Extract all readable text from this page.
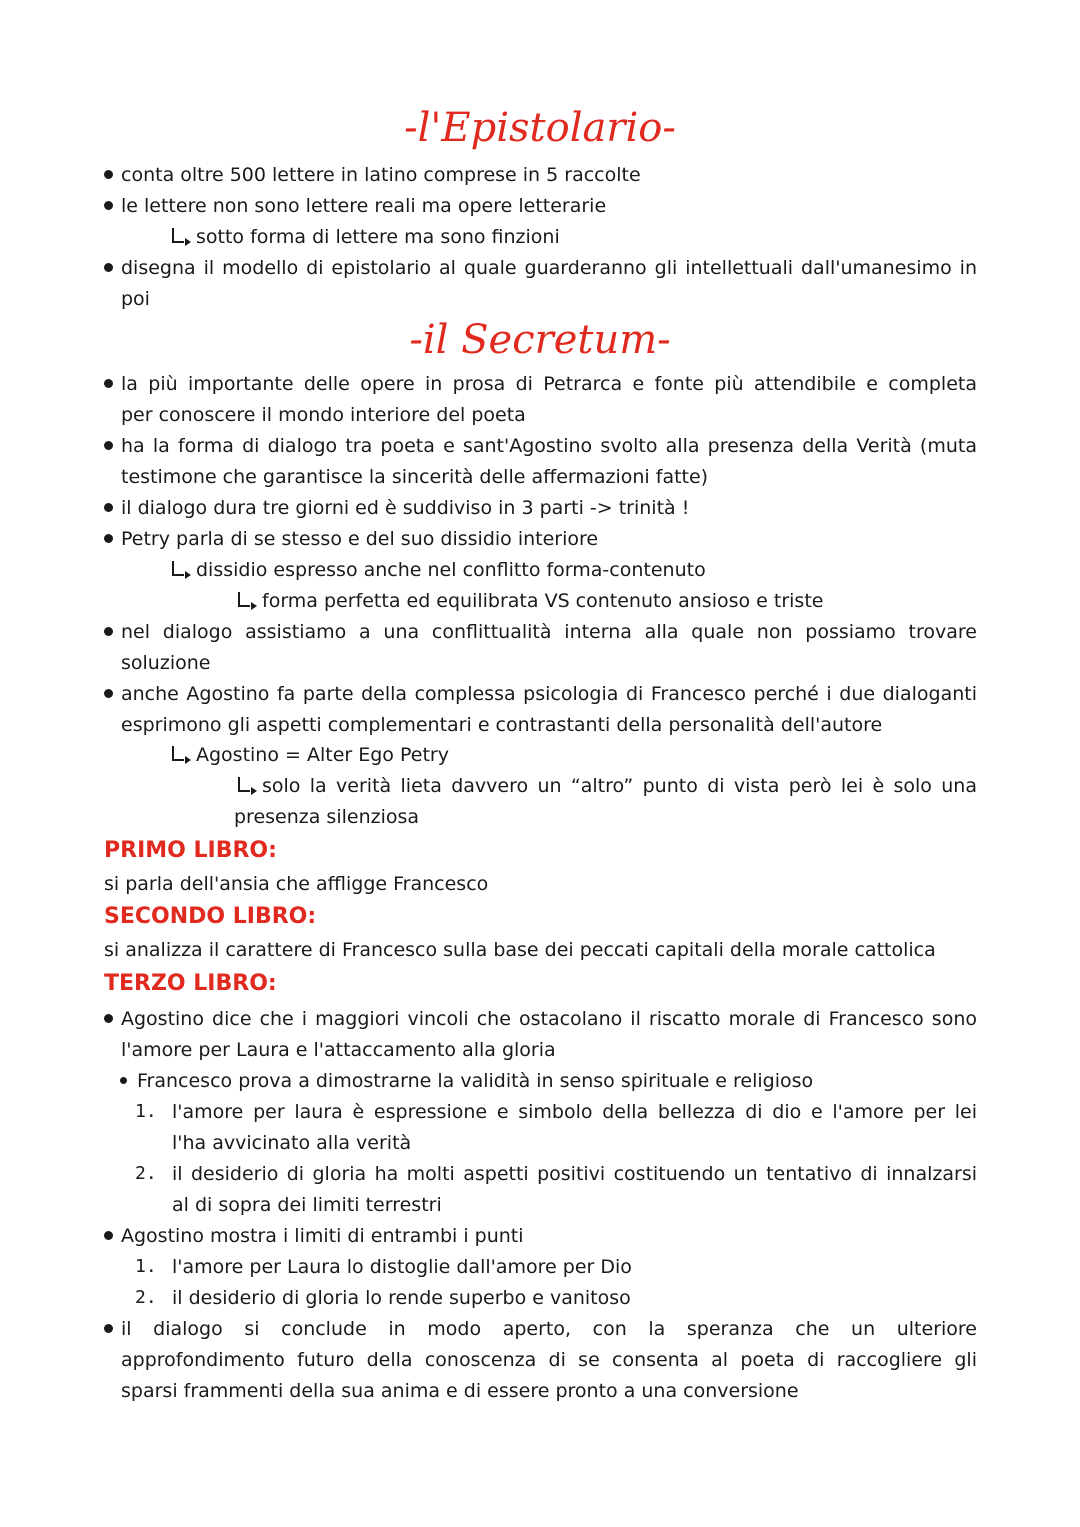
-l'Epistolario-
conta oltre 500 lettere in latino comprese in 5 raccolte
le lettere non sono lettere reali ma opere letterarie
sotto forma di lettere ma sono finzioni
disegna il modello di epistolario al quale guarderanno gli intellettuali dall'umanesimo in
poi
-il Secretum-
la più importante delle opere in prosa di Petrarca e fonte più attendibile e completa
per conoscere il mondo interiore del poeta
ha la forma di dialogo tra poeta e sant'Agostino svolto alla presenza della Verità (muta
testimone che garantisce la sincerità delle affermazioni fatte)
il dialogo dura tre giorni ed è suddiviso in 3 parti -> trinità !
Petry parla di se stesso e del suo dissidio interiore
dissidio espresso anche nel conflitto forma-contenuto
forma perfetta ed equilibrata VS contenuto ansioso e triste
nel dialogo assistiamo a una conflittualità interna alla quale non possiamo trovare
soluzione
anche Agostino fa parte della complessa psicologia di Francesco perché i due dialoganti
esprimono gli aspetti complementari e contrastanti della personalità dell'autore
Agostino = Alter Ego Petry
solo la verità lieta davvero un “altro” punto di vista però lei è solo una
presenza silenziosa
PRIMO LIBRO:
si parla dell'ansia che affligge Francesco
SECONDO LIBRO:
si analizza il carattere di Francesco sulla base dei peccati capitali della morale cattolica
TERZO LIBRO:
Agostino dice che i maggiori vincoli che ostacolano il riscatto morale di Francesco sono
l'amore per Laura e l'attaccamento alla gloria
Francesco prova a dimostrarne la validità in senso spirituale e religioso
1. l'amore per laura è espressione e simbolo della bellezza di dio e l'amore per lei
l'ha avvicinato alla verità
2. il desiderio di gloria ha molti aspetti positivi costituendo un tentativo di innalzarsi
al di sopra dei limiti terrestri
Agostino mostra i limiti di entrambi i punti
1. l'amore per Laura lo distoglie dall'amore per Dio
2. il desiderio di gloria lo rende superbo e vanitoso
il dialogo si conclude in modo aperto, con la speranza che un ulteriore
approfondimento futuro della conoscenza di se consenta al poeta di raccogliere gli
sparsi frammenti della sua anima e di essere pronto a una conversione
